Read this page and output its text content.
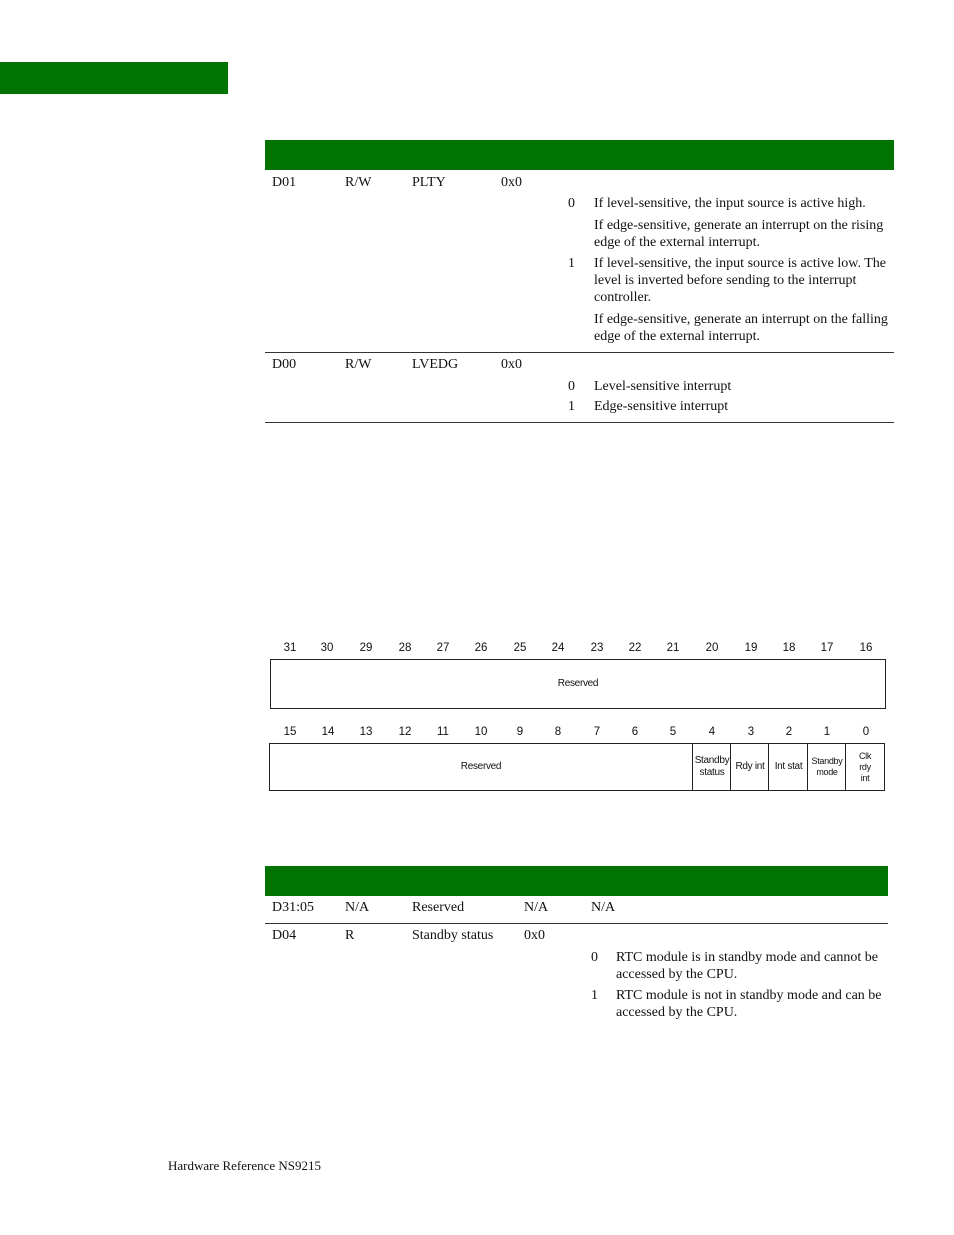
D01	R/W	PLTY	0x0
0 If level-sensitive, the input source is active high.
If edge-sensitive, generate an interrupt on the rising edge of the external interrupt.
1 If level-sensitive, the input source is active low. The level is inverted before sending to the interrupt controller.
If edge-sensitive, generate an interrupt on the falling edge of the external interrupt.
D00	R/W	LVEDG	0x0
0 Level-sensitive interrupt
1 Edge-sensitive interrupt
31	30	29	28	27	26	25	24	23	22	21	20	19	18	17	16
Reserved
15	14	13	12	11	10	9	8	7	6	5	4	3	2	1	0
Reserved
Standby status
Rdy int	Int stat	Standby mode
Clk rdy int
D31:05 N/A	Reserved	N/A	N/A
D04	R	Standby status 0x0
0 RTC module is in standby mode and cannot be accessed by the CPU.
1 RTC module is not in standby mode and can be accessed by the CPU.
Hardware Reference NS9215
